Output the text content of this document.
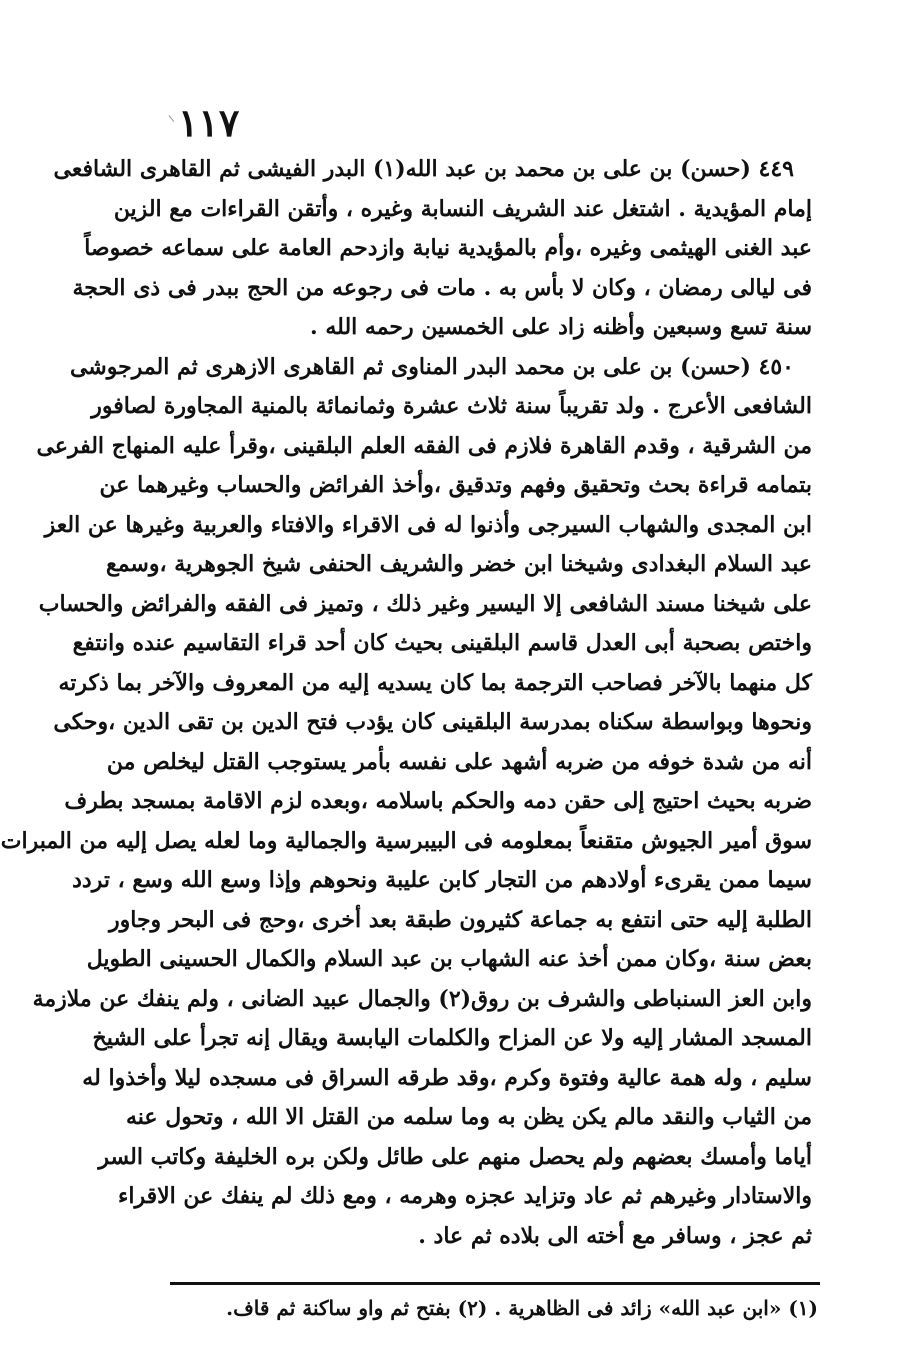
١١٧
٤٤٩ (حسن) بن على بن محمد بن عبد الله(١) البدر الفيشى ثم القاهرى الشافعى
إمام المؤيدية . اشتغل عند الشريف النسابة وغيره ، وأتقن القراءات مع الزين
عبد الغنى الهيثمى وغيره ،وأم بالمؤيدية نيابة وازدحم العامة على سماعه خصوصاً
فى ليالى رمضان ، وكان لا بأس به . مات فى رجوعه من الحج ببدر فى ذى الحجة
سنة تسع وسبعين وأظنه زاد على الخمسين رحمه الله .
٤٥٠ (حسن) بن على بن محمد البدر المناوى ثم القاهرى الازهرى ثم المرجوشى
الشافعى الأعرج . ولد تقريباً سنة ثلاث عشرة وثمانمائة بالمنية المجاورة لصافور
من الشرقية ، وقدم القاهرة فلازم فى الفقه العلم البلقينى ،وقرأ عليه المنهاج الفرعى
بتمامه قراءة بحث وتحقيق وفهم وتدقيق ،وأخذ الفرائض والحساب وغيرهما عن
ابن المجدى والشهاب السيرجى وأذنوا له فى الاقراء والافتاء والعربية وغيرها عن العز
عبد السلام البغدادى وشيخنا ابن خضر والشريف الحنفى شيخ الجوهرية ،وسمع
على شيخنا مسند الشافعى إلا اليسير وغير ذلك ، وتميز فى الفقه والفرائض والحساب
واختص بصحبة أبى العدل قاسم البلقينى بحيث كان أحد قراء التقاسيم عنده وانتفع
كل منهما بالآخر فصاحب الترجمة بما كان يسديه إليه من المعروف والآخر بما ذكرته
ونحوها وبواسطة سكناه بمدرسة البلقينى كان يؤدب فتح الدين بن تقى الدين ،وحكى
أنه من شدة خوفه من ضربه أشهد على نفسه بأمر يستوجب القتل ليخلص من
ضربه بحيث احتيج إلى حقن دمه والحكم باسلامه ،وبعده لزم الاقامة بمسجد بطرف
سوق أمير الجيوش متقنعاً بمعلومه فى البيبرسية والجمالية وما لعله يصل إليه من المبرات
سيما ممن يقرىء أولادهم من التجار كابن عليبة ونحوهم وإذا وسع الله وسع ، تردد
الطلبة إليه حتى انتفع به جماعة كثيرون طبقة بعد أخرى ،وحج فى البحر وجاور
بعض سنة ،وكان ممن أخذ عنه الشهاب بن عبد السلام والكمال الحسينى الطويل
وابن العز السنباطى والشرف بن روق(٢) والجمال عبيد الضانى ، ولم ينفك عن ملازمة
المسجد المشار إليه ولا عن المزاح والكلمات اليابسة ويقال إنه تجرأ على الشيخ
سليم ، وله همة عالية وفتوة وكرم ،وقد طرقه السراق فى مسجده ليلا وأخذوا له
من الثياب والنقد مالم يكن يظن به وما سلمه من القتل الا الله ، وتحول عنه
أياما وأمسك بعضهم ولم يحصل منهم على طائل ولكن بره الخليفة وكاتب السر
والاستادار وغيرهم ثم عاد وتزايد عجزه وهرمه ، ومع ذلك لم ينفك عن الاقراء
ثم عجز ، وسافر مع أخته الى بلاده ثم عاد .
(١) «ابن عبد الله» زائد فى الظاهرية . (٢) بفتح ثم واو ساكنة ثم قاف.
